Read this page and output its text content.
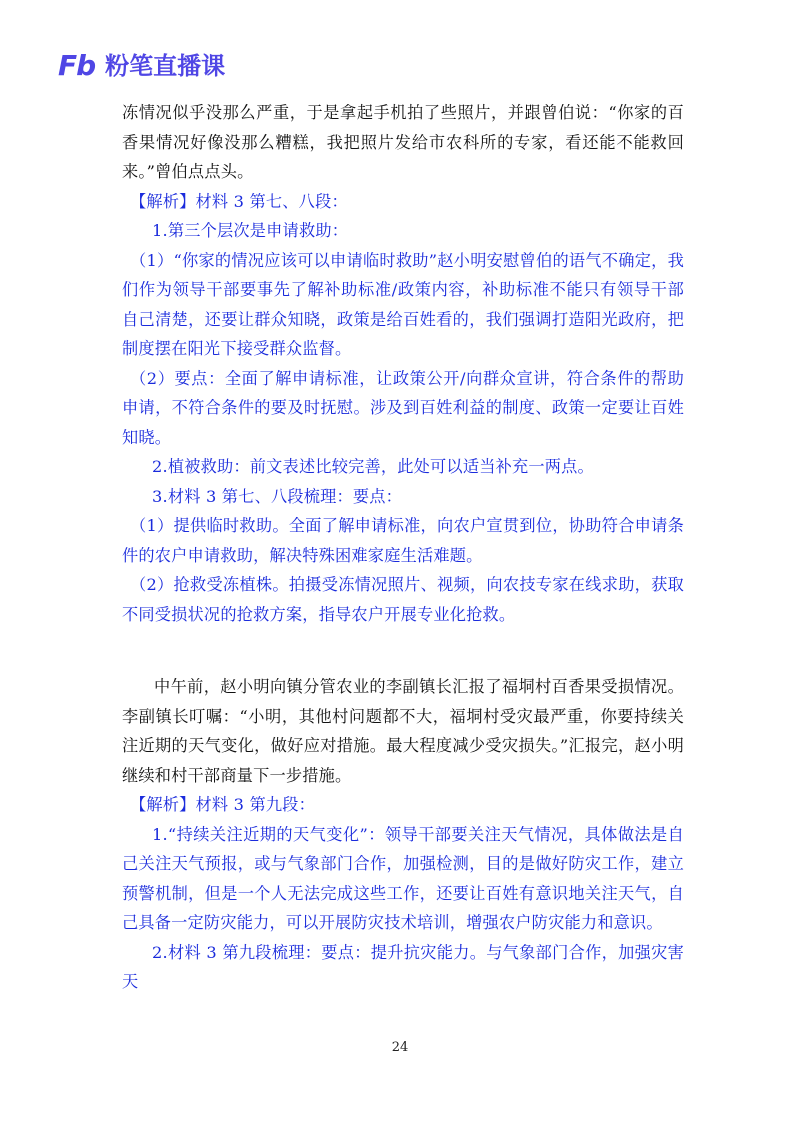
Fb 粉笔直播课

冻情况似乎没那么严重，于是拿起手机拍了些照片，并跟曾伯说：“你家的百香果情况好像没那么糟糕，我把照片发给市农科所的专家，看还能不能救回来。”曾伯点点头。

【解析】材料 3 第七、八段：

1.第三个层次是申请救助：

（1）“你家的情况应该可以申请临时救助”赵小明安慰曾伯的语气不确定，我们作为领导干部要事先了解补助标准/政策内容，补助标准不能只有领导干部自己清楚，还要让群众知晓，政策是给百姓看的，我们强调打造阳光政府，把制度摆在阳光下接受群众监督。

（2）要点：全面了解申请标准，让政策公开/向群众宣讲，符合条件的帮助申请，不符合条件的要及时抚慰。涉及到百姓利益的制度、政策一定要让百姓知晓。

2.植被救助：前文表述比较完善，此处可以适当补充一两点。

3.材料 3 第七、八段梳理：要点：

（1）提供临时救助。全面了解申请标准，向农户宣贯到位，协助符合申请条件的农户申请救助，解决特殊困难家庭生活难题。

（2）抢救受冻植株。拍摄受冻情况照片、视频，向农技专家在线求助，获取不同受损状况的抢救方案，指导农户开展专业化抢救。

中午前，赵小明向镇分管农业的李副镇长汇报了福垌村百香果受损情况。李副镇长叮嘱：“小明，其他村问题都不大，福垌村受灾最严重，你要持续关注近期的天气变化，做好应对措施。最大程度减少受灾损失。”汇报完，赵小明继续和村干部商量下一步措施。

【解析】材料 3 第九段：

1.“持续关注近期的天气变化”：领导干部要关注天气情况，具体做法是自己关注天气预报，或与气象部门合作，加强检测，目的是做好防灾工作，建立预警机制，但是一个人无法完成这些工作，还要让百姓有意识地关注天气，自己具备一定防灾能力，可以开展防灾技术培训，增强农户防灾能力和意识。

2.材料 3 第九段梳理：要点：提升抗灾能力。与气象部门合作，加强灾害天

24
